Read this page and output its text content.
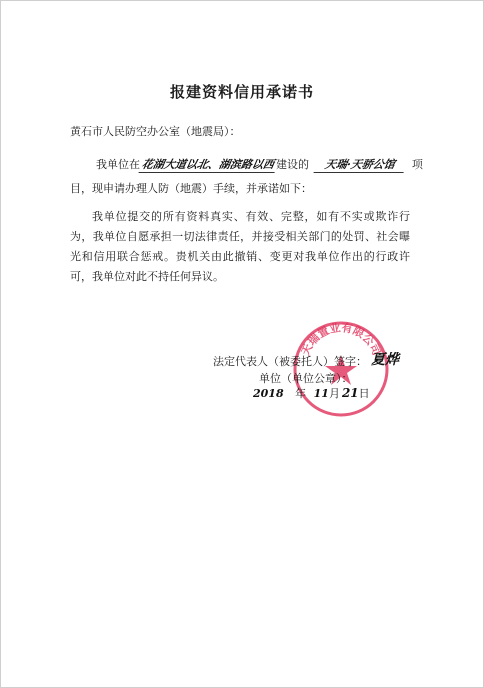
报建资料信用承诺书
黄石市人民防空办公室（地震局）：
我单位在花湖大道以北、湖滨路以西建设的 天瑞·天骄公馆 项
目，现申请办理人防（地震）手续，并承诺如下：
我单位提交的所有资料真实、有效、完整，如有不实或欺诈行为，我单位自愿承担一切法律责任，并接受相关部门的处罚、社会曝光和信用联合惩戒。贵机关由此撤销、变更对我单位作出的行政许可，我单位对此不持任何异议。
天瑞置业有限公司
法定代表人（被委托人）签字： 夏烨
单位（单位公章）：
2018 年 11月 21日
